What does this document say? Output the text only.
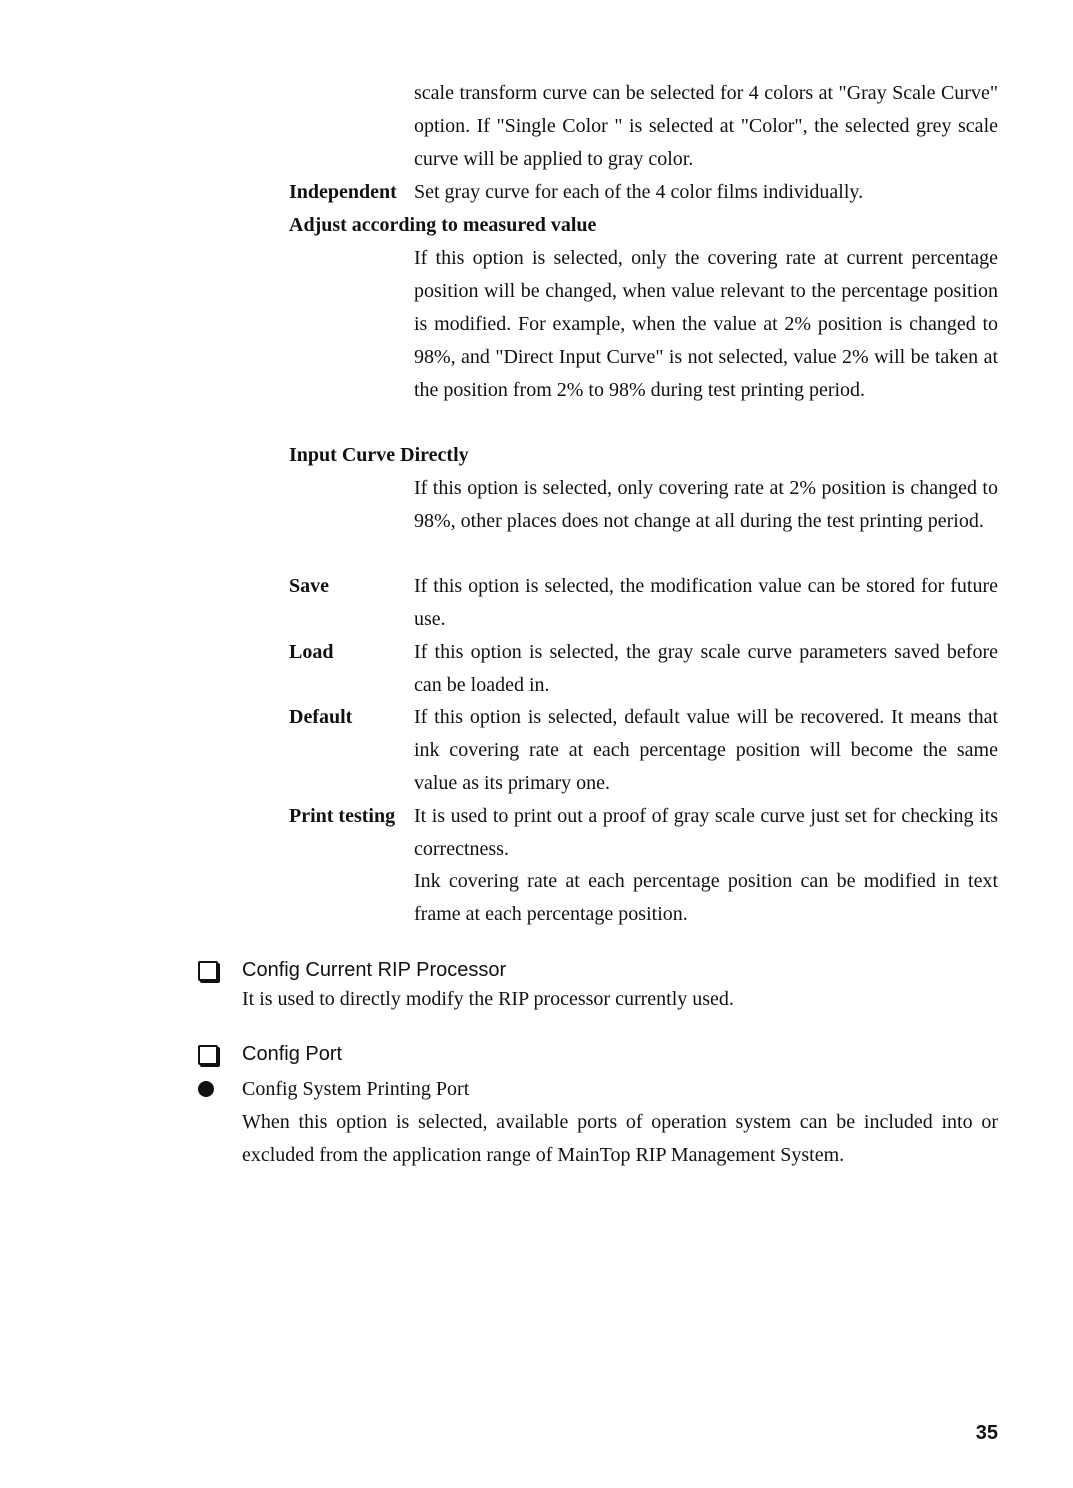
scale transform curve can be selected for 4 colors at "Gray Scale Curve" option. If "Single Color " is selected at "Color", the selected grey scale curve will be applied to gray color.
Independent Set gray curve for each of the 4 color films individually.
Adjust according to measured value
If this option is selected, only the covering rate at current percentage position will be changed, when value relevant to the percentage position is modified. For example, when the value at 2% position is changed to 98%, and "Direct Input Curve" is not selected, value 2% will be taken at the position from 2% to 98% during test printing period.
Input Curve Directly
If this option is selected, only covering rate at 2% position is changed to 98%, other places does not change at all during the test printing period.
Save	If this option is selected, the modification value can be stored for future use.
Load	If this option is selected, the gray scale curve parameters saved before can be loaded in.
Default	If this option is selected, default value will be recovered. It means that ink covering rate at each percentage position will become the same value as its primary one.
Print testing It is used to print out a proof of gray scale curve just set for checking its correctness.
Ink covering rate at each percentage position can be modified in text frame at each percentage position.
Config Current RIP Processor
It is used to directly modify the RIP processor currently used.
Config Port
Config System Printing Port
When this option is selected, available ports of operation system can be included into or excluded from the application range of MainTop RIP Management System.
35
